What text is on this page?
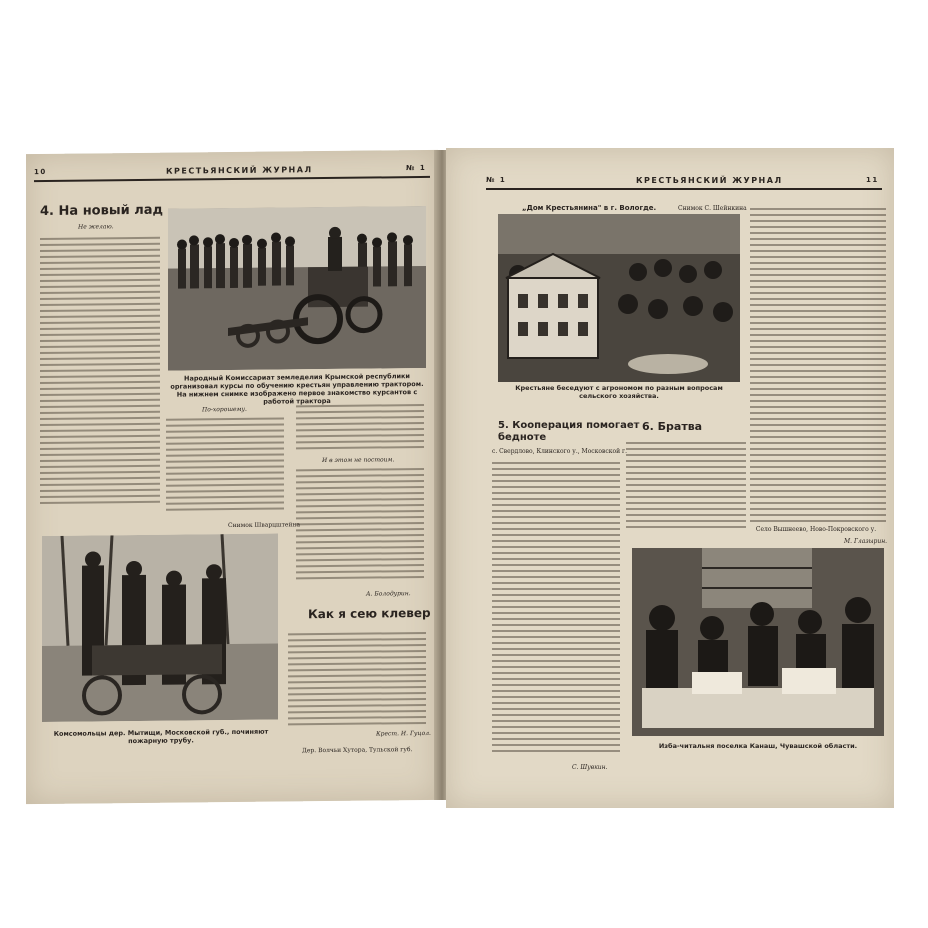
10	КРЕСТЬЯНСКИЙ ЖУРНАЛ	№ 1
4. На новый лад
Не желаю.
Народный Комиссариат земледелия Крымской республики организовал курсы по обучению крестьян управлению трактором. На нижнем снимке изображено первое знакомство курсантов с работой трактора
По-хорошему.
И в этом не постоим.
Снимок Шварцштейна
А. Болодурин.
Комсомольцы дер. Мытищи, Московской губ., починяют пожарную трубу.
Как я сею клевер
Крест. И. Гуцол.
Дер. Волчьи Хутора, Тульской губ.
№ 1	КРЕСТЬЯНСКИЙ ЖУРНАЛ	11
„Дом Крестьянина" в г. Вологде.	Снимок С. Шейнкина
Крестьяне беседуют с агрономом по разным вопросам сельского хозяйства.
М. Глазырин.
5. Кооперация помогает бедноте
с. Свердлово, Клинского у., Московской г.
С. Шувкин.
6. Братва
Село Вышнеево, Ново-Покровского у.
Изба-читальня поселка Канаш, Чувашской области.
